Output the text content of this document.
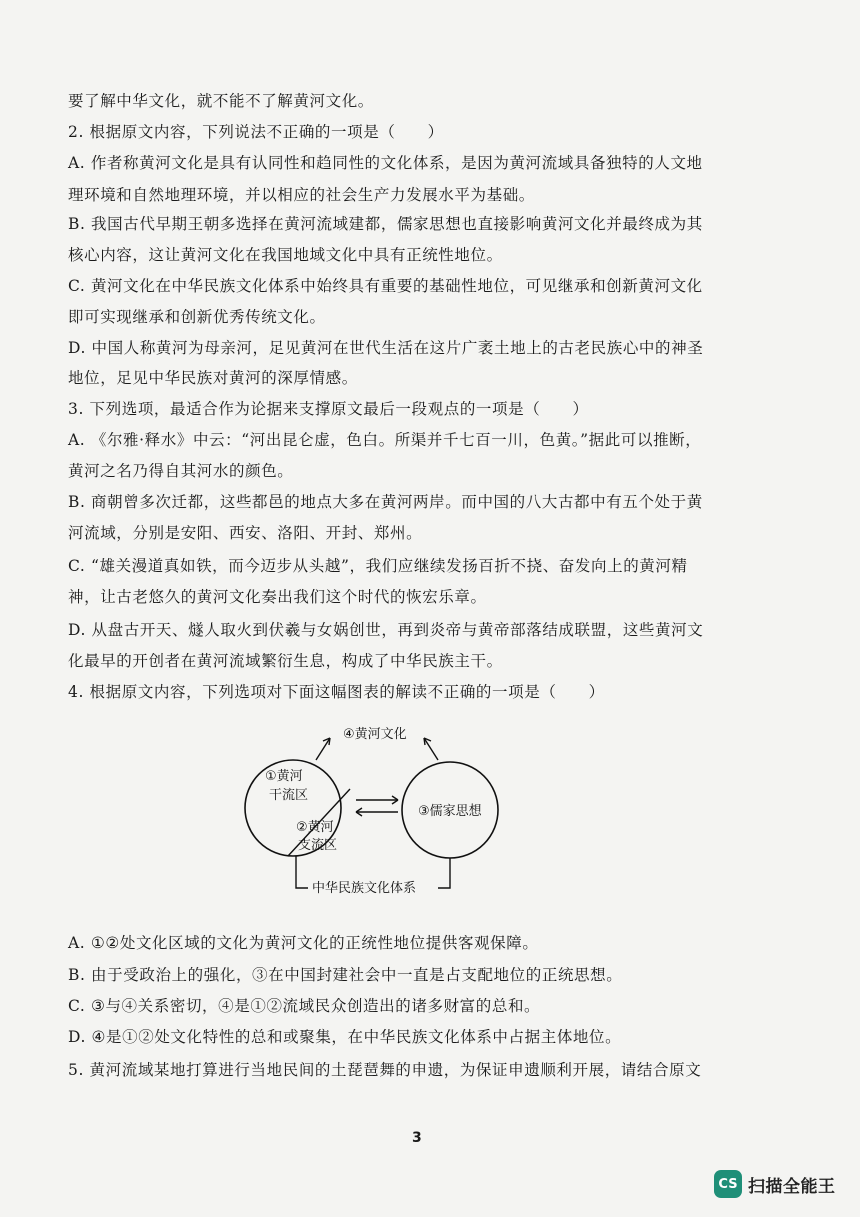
要了解中华文化，就不能不了解黄河文化。
2. 根据原文内容，下列说法不正确的一项是（　　）
A. 作者称黄河文化是具有认同性和趋同性的文化体系，是因为黄河流域具备独特的人文地
理环境和自然地理环境，并以相应的社会生产力发展水平为基础。
B. 我国古代早期王朝多选择在黄河流域建都，儒家思想也直接影响黄河文化并最终成为其
核心内容，这让黄河文化在我国地域文化中具有正统性地位。
C. 黄河文化在中华民族文化体系中始终具有重要的基础性地位，可见继承和创新黄河文化
即可实现继承和创新优秀传统文化。
D. 中国人称黄河为母亲河，足见黄河在世代生活在这片广袤土地上的古老民族心中的神圣
地位，足见中华民族对黄河的深厚情感。
3. 下列选项，最适合作为论据来支撑原文最后一段观点的一项是（　　）
A. 《尔雅·释水》中云：“河出昆仑虚，色白。所渠并千七百一川，色黄。”据此可以推断，
黄河之名乃得自其河水的颜色。
B. 商朝曾多次迁都，这些都邑的地点大多在黄河两岸。而中国的八大古都中有五个处于黄
河流域，分别是安阳、西安、洛阳、开封、郑州。
C. “雄关漫道真如铁，而今迈步从头越”，我们应继续发扬百折不挠、奋发向上的黄河精
神，让古老悠久的黄河文化奏出我们这个时代的恢宏乐章。
D. 从盘古开天、燧人取火到伏羲与女娲创世，再到炎帝与黄帝部落结成联盟，这些黄河文
化最早的开创者在黄河流域繁衍生息，构成了中华民族主干。
4. 根据原文内容，下列选项对下面这幅图表的解读不正确的一项是（　　）
④黄河文化
①黄河
干流区
②黄河
支流区
③儒家思想
中华民族文化体系
A. ①②处文化区域的文化为黄河文化的正统性地位提供客观保障。
B. 由于受政治上的强化，③在中国封建社会中一直是占支配地位的正统思想。
C. ③与④关系密切，④是①②流域民众创造出的诸多财富的总和。
D. ④是①②处文化特性的总和或聚集，在中华民族文化体系中占据主体地位。
5. 黄河流域某地打算进行当地民间的土琵琶舞的申遗，为保证申遗顺利开展，请结合原文
3
CS 扫描全能王
